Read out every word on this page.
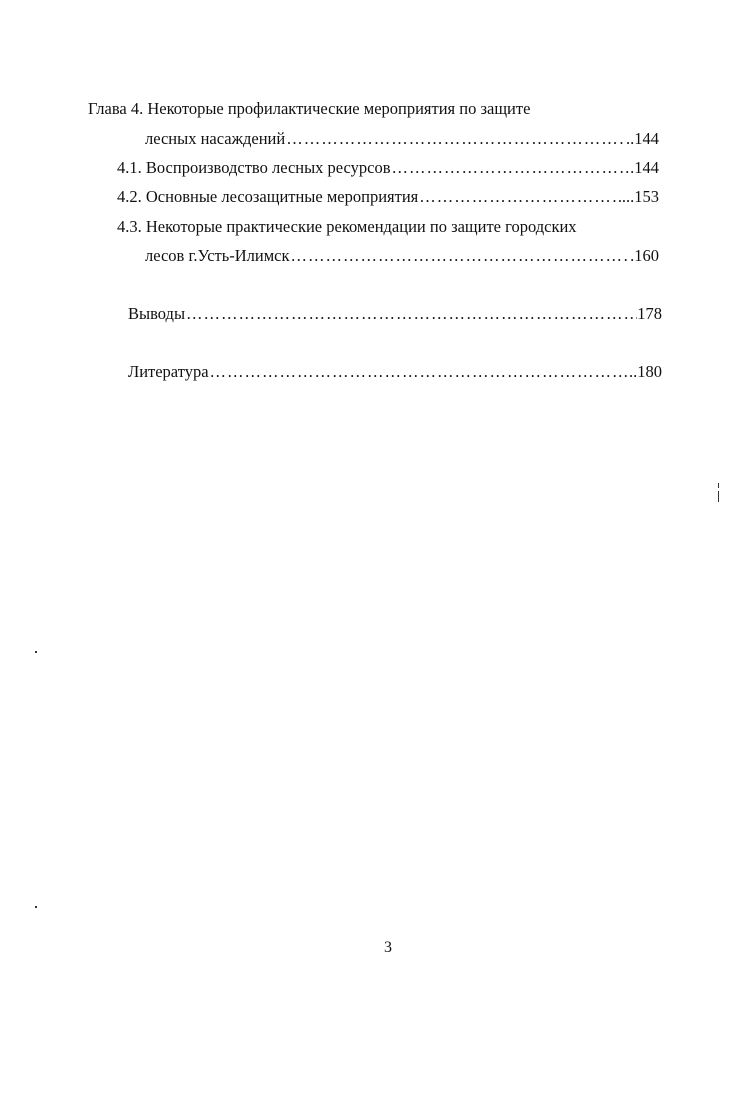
Глава 4. Некоторые профилактические мероприятия по защите
лесных насаждений …………………………………………………………………………………………………………………………………………………………	..144
4.1. Воспроизводство лесных ресурсов …………………………………………………………………………………………………………………………………………………………	.144
4.2. Основные лесозащитные мероприятия …………………………………………………………………………………………………………………………………………………………	...153
4.3. Некоторые практические рекомендации по защите городских
лесов г.Усть-Илимск …………………………………………………………………………………………………………………………………………………………	.160
Выводы …………………………………………………………………………………………………………………………………………………………	178
Литература …………………………………………………………………………………………………………………………………………………………	..180
3
